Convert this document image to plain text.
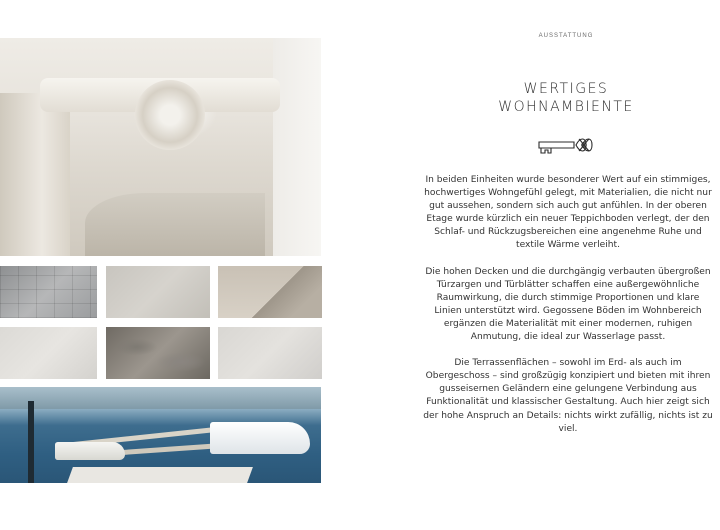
AUSSTATTUNG
WERTIGES
WOHNAMBIENTE

In beiden Einheiten wurde besonderer Wert auf ein stimmiges, hochwertiges Wohngefühl gelegt, mit Materialien, die nicht nur gut aussehen, sondern sich auch gut anfühlen. In der oberen Etage wurde kürzlich ein neuer Teppichboden verlegt, der den Schlaf- und Rückzugsbereichen eine angenehme Ruhe und textile Wärme verleiht.

Die hohen Decken und die durchgängig verbauten übergroßen Türzargen und Türblätter schaffen eine außergewöhnliche Raumwirkung, die durch stimmige Proportionen und klare Linien unterstützt wird. Gegossene Böden im Wohnbereich ergänzen die Materialität mit einer modernen, ruhigen Anmutung, die ideal zur Wasserlage passt.

Die Terrassenflächen – sowohl im Erd- als auch im Obergeschoss – sind großzügig konzipiert und bieten mit ihren gusseisernen Geländern eine gelungene Verbindung aus Funktionalität und klassischer Gestaltung. Auch hier zeigt sich der hohe Anspruch an Details: nichts wirkt zufällig, nichts ist zu viel.
